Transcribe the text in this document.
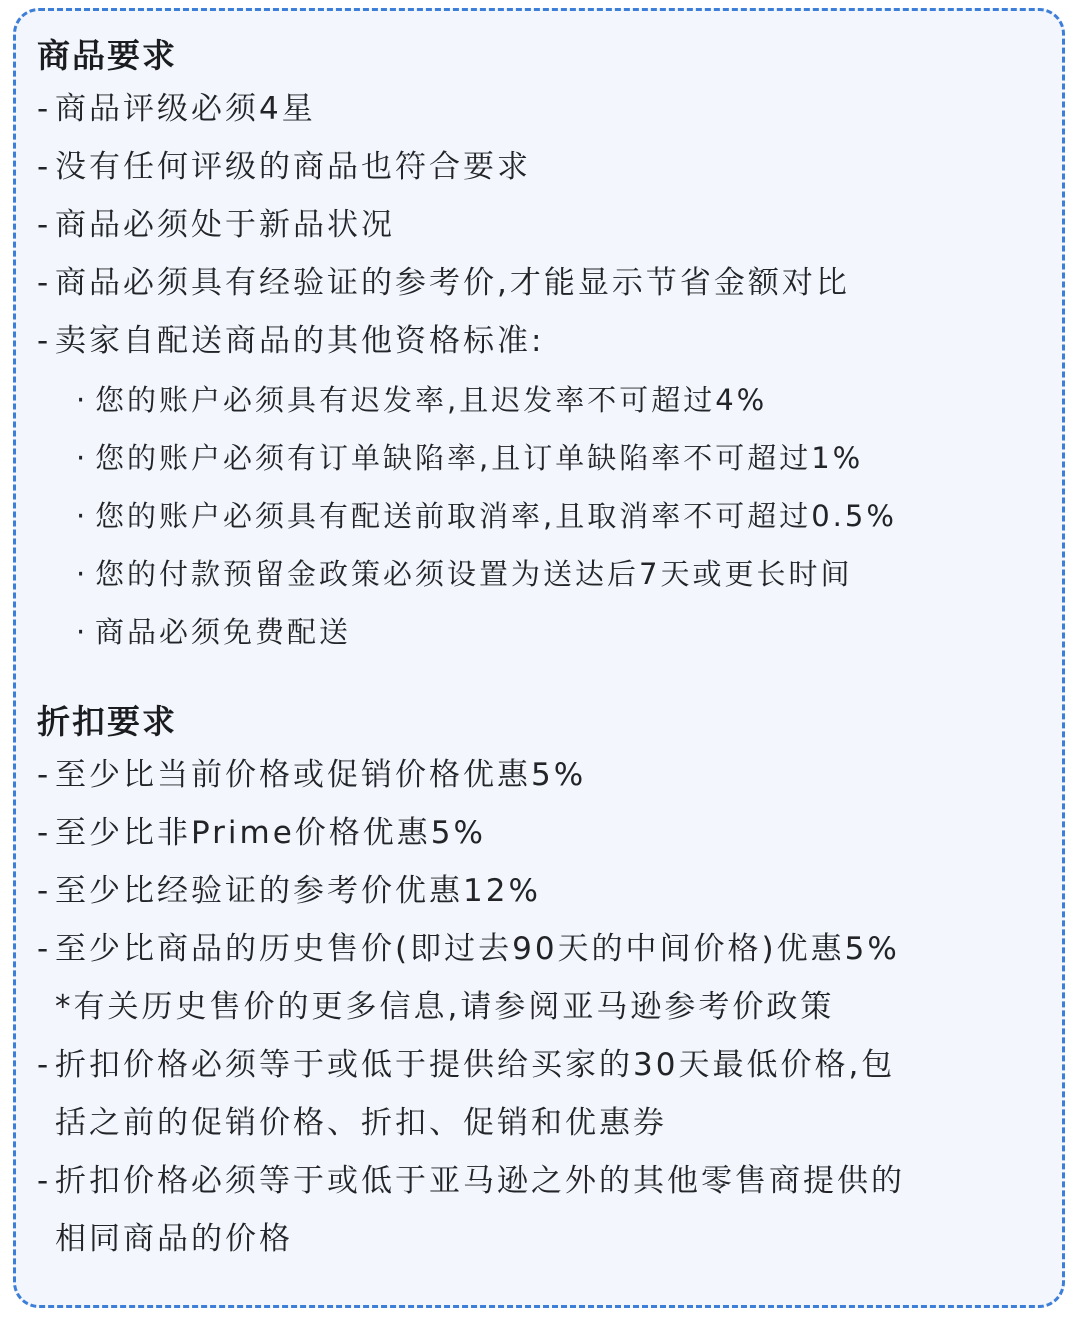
商品要求
- 商品评级必须4星
- 没有任何评级的商品也符合要求
- 商品必须处于新品状况
- 商品必须具有经验证的参考价,才能显示节省金额对比
- 卖家自配送商品的其他资格标准:
· 您的账户必须具有迟发率,且迟发率不可超过4%
· 您的账户必须有订单缺陷率,且订单缺陷率不可超过1%
· 您的账户必须具有配送前取消率,且取消率不可超过0.5%
· 您的付款预留金政策必须设置为送达后7天或更长时间
· 商品必须免费配送
折扣要求
- 至少比当前价格或促销价格优惠5%
- 至少比非Prime价格优惠5%
- 至少比经验证的参考价优惠12%
- 至少比商品的历史售价(即过去90天的中间价格)优惠5%
*有关历史售价的更多信息,请参阅亚马逊参考价政策
- 折扣价格必须等于或低于提供给买家的30天最低价格,包
括之前的促销价格、折扣、促销和优惠券
- 折扣价格必须等于或低于亚马逊之外的其他零售商提供的
相同商品的价格
